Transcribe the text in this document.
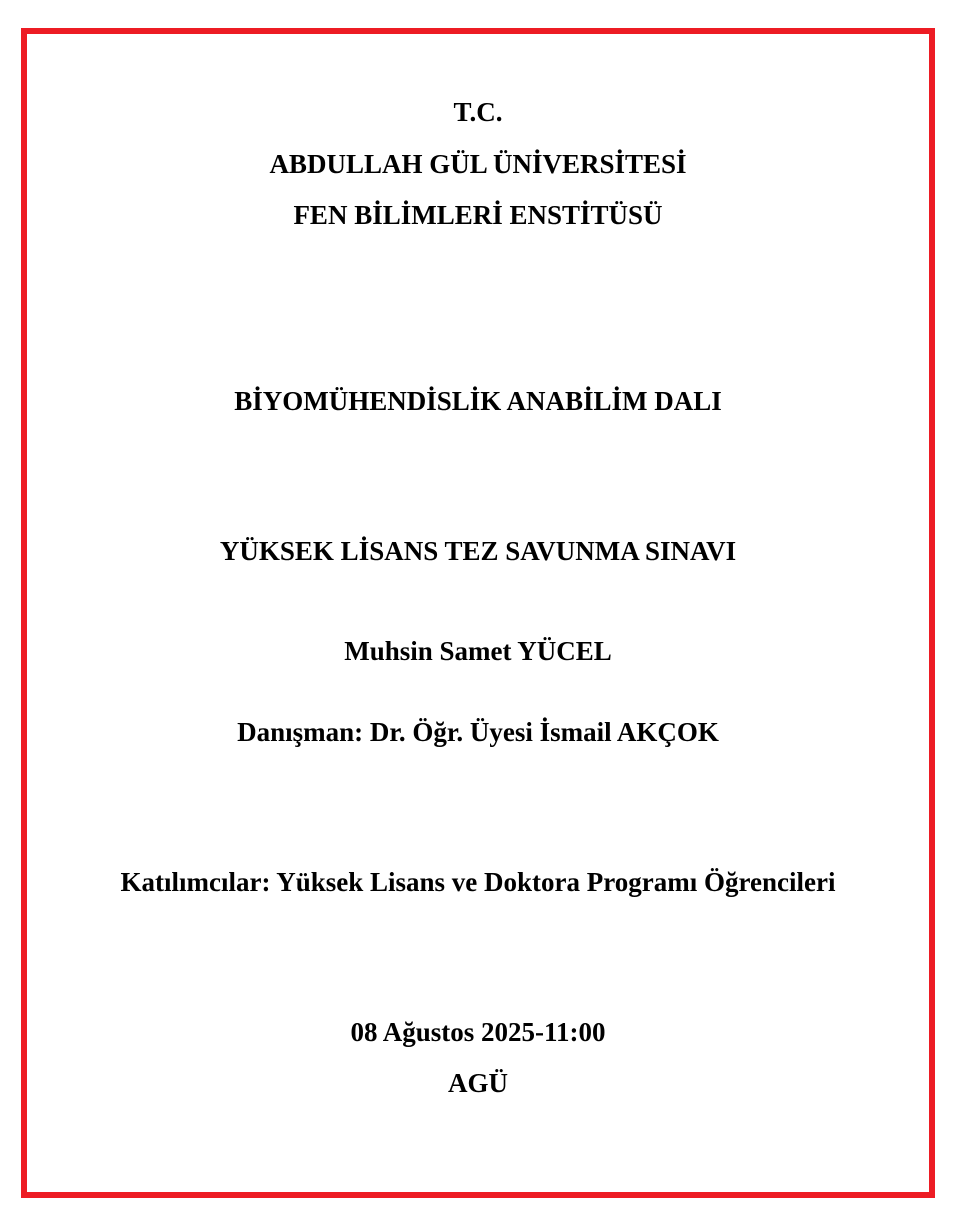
T.C.
ABDULLAH GÜL ÜNİVERSİTESİ
FEN BİLİMLERİ ENSTİTÜSÜ
BİYOMÜHENDİSLİK ANABİLİM DALI
YÜKSEK LİSANS TEZ SAVUNMA SINAVI
Muhsin Samet YÜCEL
Danışman: Dr. Öğr. Üyesi İsmail AKÇOK
Katılımcılar: Yüksek Lisans ve Doktora Programı Öğrencileri
08 Ağustos 2025-11:00
AGÜ
